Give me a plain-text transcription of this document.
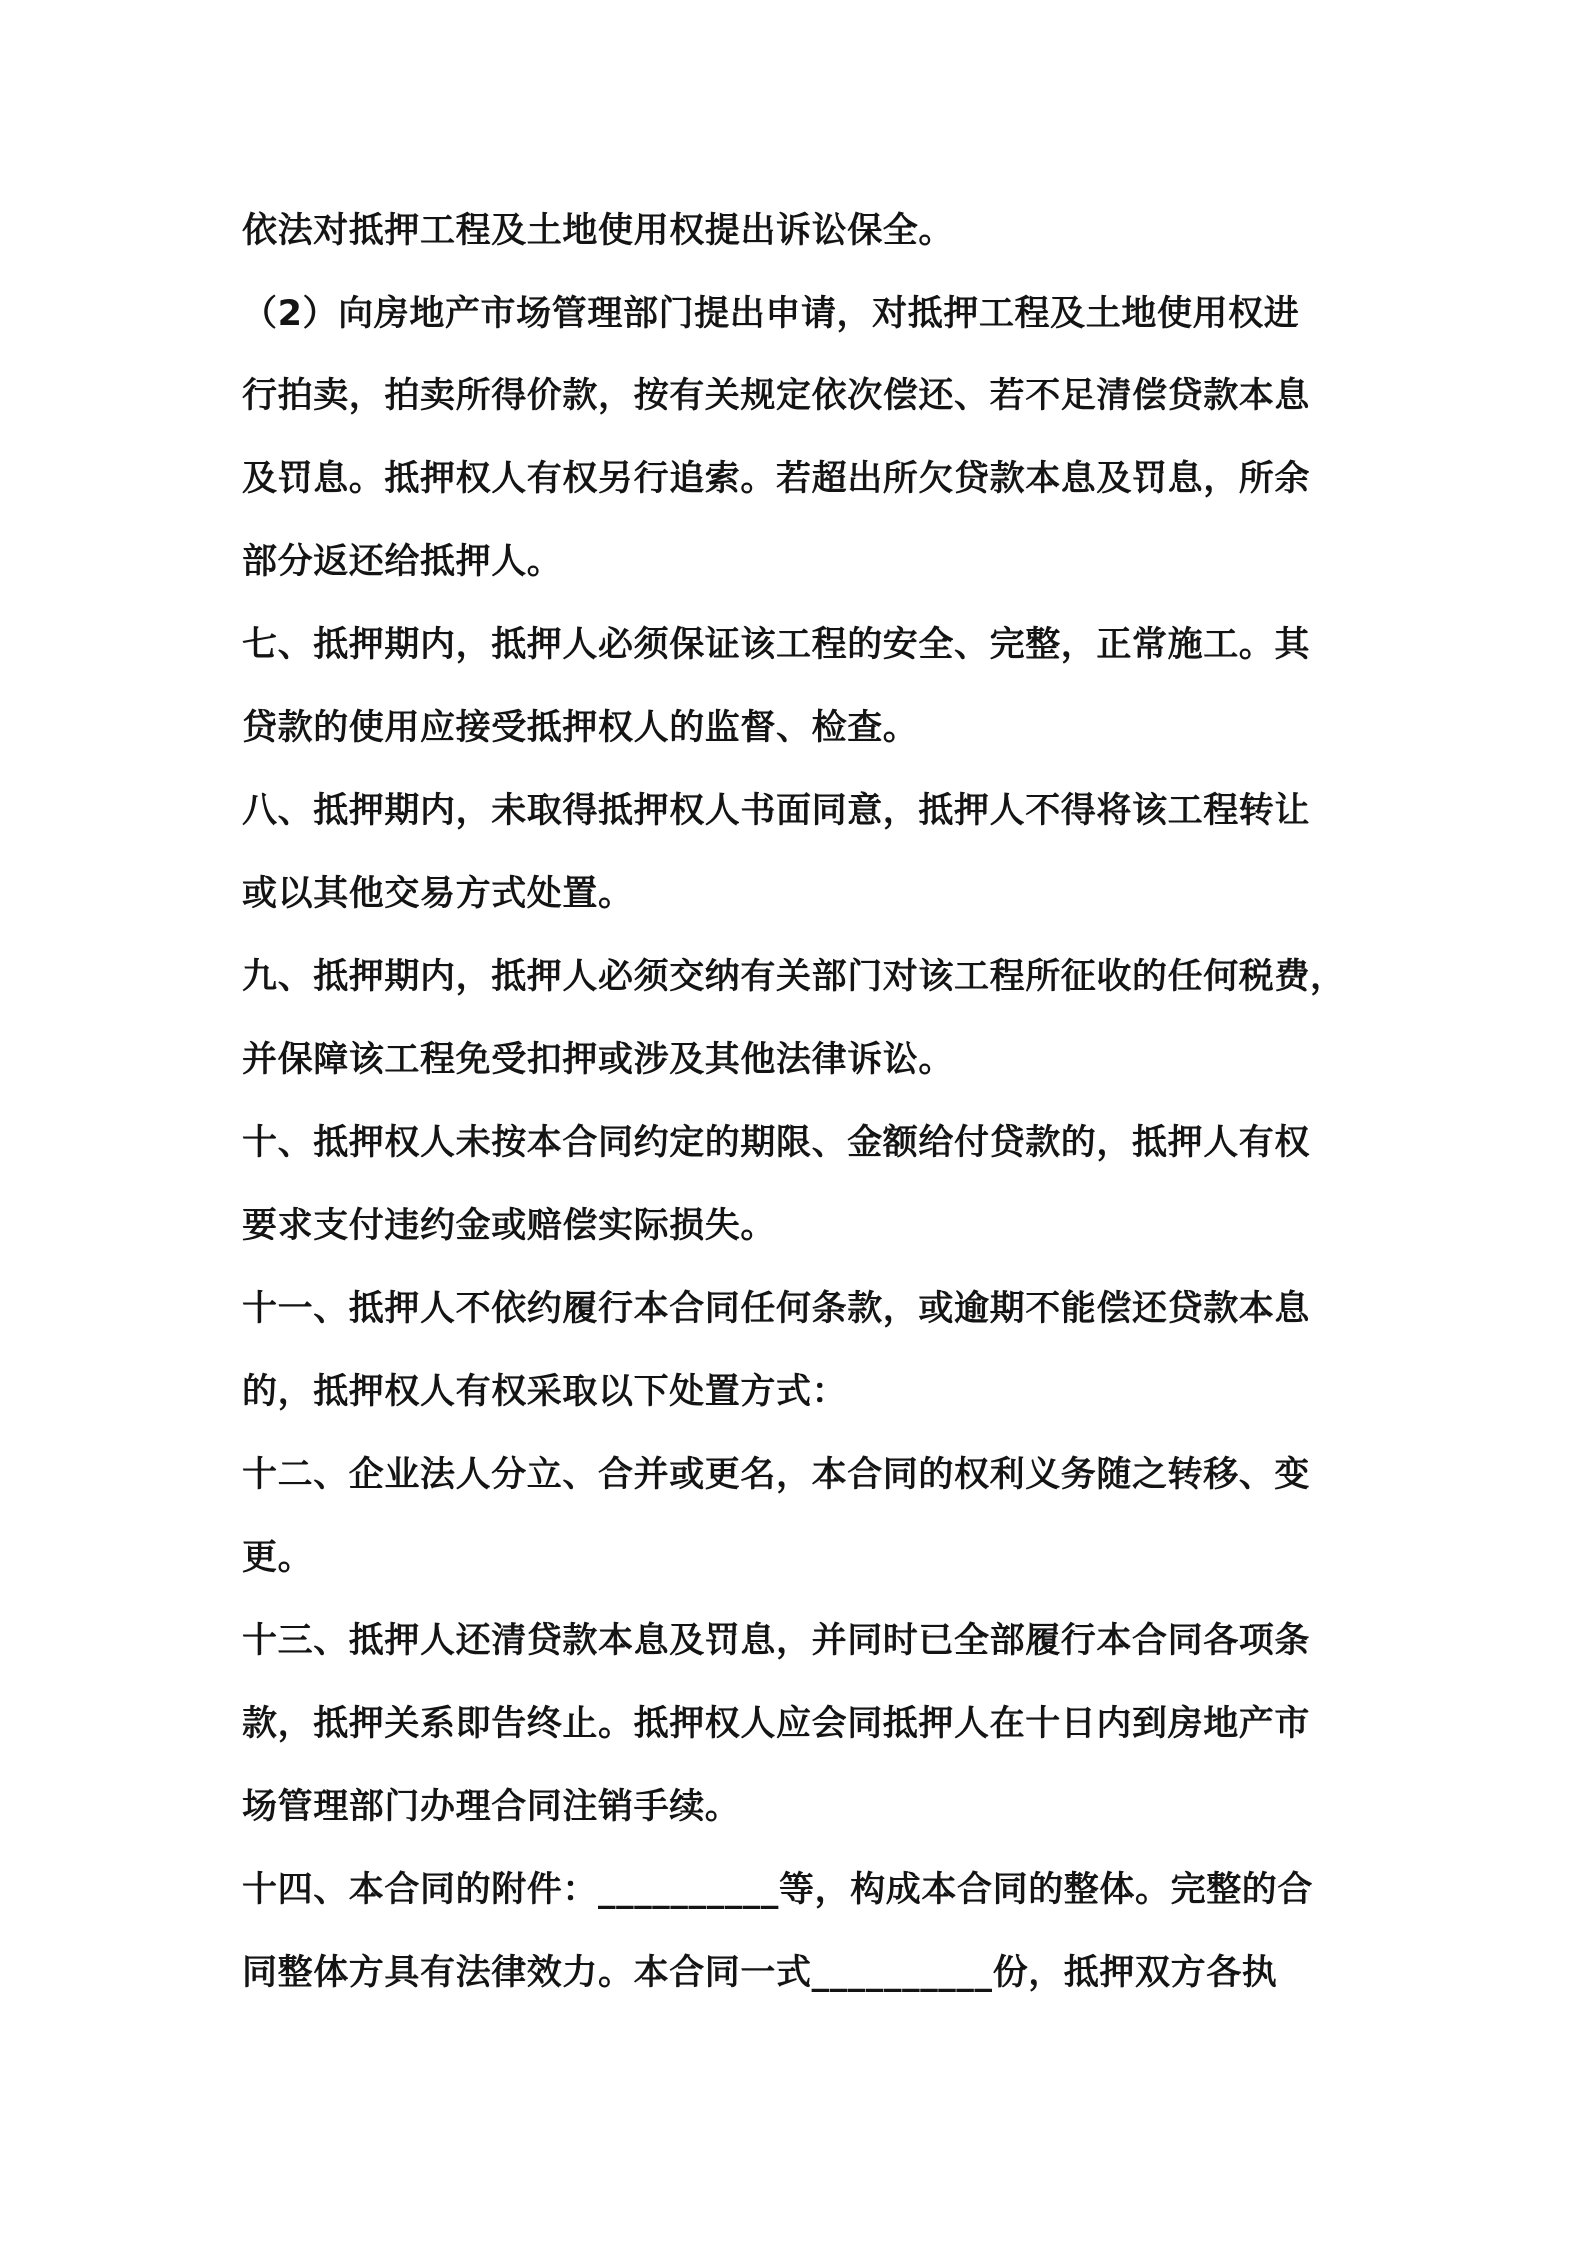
依法对抵押工程及土地使用权提出诉讼保全。

（2）向房地产市场管理部门提出申请，对抵押工程及土地使用权进

行拍卖，拍卖所得价款，按有关规定依次偿还、若不足清偿贷款本息

及罚息。抵押权人有权另行追索。若超出所欠贷款本息及罚息，所余

部分返还给抵押人。

七、抵押期内，抵押人必须保证该工程的安全、完整，正常施工。其

贷款的使用应接受抵押权人的监督、检查。

八、抵押期内，未取得抵押权人书面同意，抵押人不得将该工程转让

或以其他交易方式处置。

九、抵押期内，抵押人必须交纳有关部门对该工程所征收的任何税费，

并保障该工程免受扣押或涉及其他法律诉讼。

十、抵押权人未按本合同约定的期限、金额给付贷款的，抵押人有权

要求支付违约金或赔偿实际损失。

十一、抵押人不依约履行本合同任何条款，或逾期不能偿还贷款本息

的，抵押权人有权采取以下处置方式：

十二、企业法人分立、合并或更名，本合同的权利义务随之转移、变

更。

十三、抵押人还清贷款本息及罚息，并同时已全部履行本合同各项条

款，抵押关系即告终止。抵押权人应会同抵押人在十日内到房地产市

场管理部门办理合同注销手续。

十四、本合同的附件：__________等，构成本合同的整体。完整的合

同整体方具有法律效力。本合同一式__________份，抵押双方各执
